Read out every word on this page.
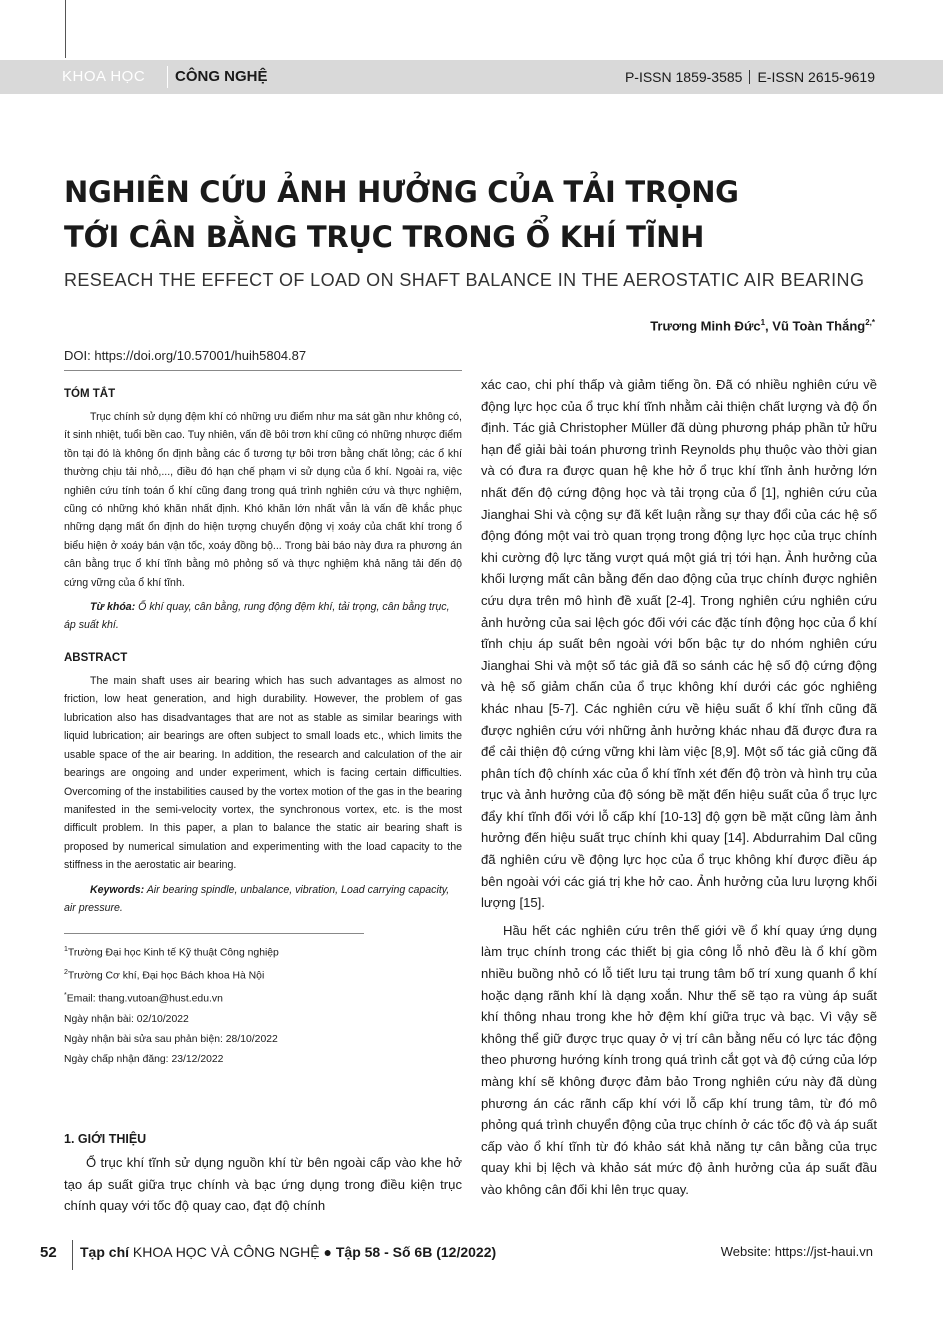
KHOA HỌC CÔNG NGHỆ	P-ISSN 1859-3585 E-ISSN 2615-9619
NGHIÊN CỨU ẢNH HƯỞNG CỦA TẢI TRỌNG
TỚI CÂN BẰNG TRỤC TRONG Ổ KHÍ TĨNH
RESEACH THE EFFECT OF LOAD ON SHAFT BALANCE IN THE AEROSTATIC AIR BEARING
Trương Minh Đức$^1$, Vũ Toàn Thắng$^{2,*}$
DOI: https://doi.org/10.57001/huih5804.87
TÓM TẮT

Trục chính sử dụng đệm khí có những ưu điểm như ma sát gần như không có, ít sinh nhiệt, tuổi bền cao. Tuy nhiên, vấn đề bôi trơn khí cũng có những nhược điểm tồn tại đó là không ổn định bằng các ổ tương tự bôi trơn bằng chất lỏng; các ổ khí thường chịu tải nhỏ,..., điều đó hạn chế phạm vi sử dụng của ổ khí. Ngoài ra, việc nghiên cứu tính toán ổ khí cũng đang trong quá trình nghiên cứu và thực nghiệm, cũng có những khó khăn nhất định. Khó khăn lớn nhất vẫn là vấn đề khắc phục những dạng mất ổn định do hiện tượng chuyển động vị xoáy của chất khí trong ổ biểu hiện ở xoáy bán vận tốc, xoáy đồng bộ... Trong bài báo này đưa ra phương án cân bằng trục ổ khí tĩnh bằng mô phỏng số và thực nghiệm khả năng tải đến độ cứng vững của ổ khí tĩnh.

Từ khóa: Ổ khí quay, cân bằng, rung động đệm khí, tải trọng, cân bằng trục, áp suất khí.

ABSTRACT

The main shaft uses air bearing which has such advantages as almost no friction, low heat generation, and high durability. However, the problem of gas lubrication also has disadvantages that are not as stable as similar bearings with liquid lubrication; air bearings are often subject to small loads etc., which limits the usable space of the air bearing. In addition, the research and calculation of the air bearings are ongoing and under experiment, which is facing certain difficulties. Overcoming of the instabilities caused by the vortex motion of the gas in the bearing manifested in the semi-velocity vortex, the synchronous vortex, etc. is the most difficult problem. In this paper, a plan to balance the static air bearing shaft is proposed by numerical simulation and experimenting with the load capacity to the stiffness in the aerostatic air bearing.

Keywords: Air bearing spindle, unbalance, vibration, Load carrying capacity, air pressure.

$^1$Trường Đại học Kinh tế Kỹ thuật Công nghiệp

$^2$Trường Cơ khí, Đại học Bách khoa Hà Nội

*Email: thang.vutoan@hust.edu.vn

Ngày nhận bài: 02/10/2022

Ngày nhận bài sửa sau phản biện: 28/10/2022

Ngày chấp nhận đăng: 23/12/2022

1. GIỚI THIỆU

Ổ trục khí tĩnh sử dụng nguồn khí từ bên ngoài cấp vào khe hở tạo áp suất giữa trục chính và bạc ứng dụng trong điều kiện trục chính quay với tốc độ quay cao, đạt độ chính

xác cao, chi phí thấp và giảm tiếng ồn. Đã có nhiều nghiên cứu về động lực học của ổ trục khí tĩnh nhằm cải thiện chất lượng và độ ổn định. Tác giả Christopher Müller đã dùng phương pháp phần tử hữu hạn để giải bài toán phương trình Reynolds phụ thuộc vào thời gian và có đưa ra được quan hệ khe hở ổ trục khí tĩnh ảnh hưởng lớn nhất đến độ cứng động học và tải trọng của ổ [1], nghiên cứu của Jianghai Shi và cộng sự đã kết luận rằng sự thay đổi của các hệ số động đóng một vai trò quan trọng trong động lực học của trục chính khi cường độ lực tăng vượt quá một giá trị tới hạn. Ảnh hưởng của khối lượng mất cân bằng đến dao động của trục chính được nghiên cứu dựa trên mô hình đề xuất [2-4]. Trong nghiên cứu nghiên cứu ảnh hưởng của sai lệch góc đối với các đặc tính động học của ổ khí tĩnh chịu áp suất bên ngoài với bốn bậc tự do nhóm nghiên cứu Jianghai Shi và một số tác giả đã so sánh các hệ số độ cứng động và hệ số giảm chấn của ổ trục không khí dưới các góc nghiêng khác nhau [5-7]. Các nghiên cứu về hiệu suất ổ khí tĩnh cũng đã được nghiên cứu với những ảnh hưởng khác nhau đã được đưa ra để cải thiện độ cứng vững khi làm việc [8,9]. Một số tác giả cũng đã phân tích độ chính xác của ổ khí tĩnh xét đến độ tròn và hình trụ của trục và ảnh hưởng của độ sóng bề mặt đến hiệu suất của ổ trục lực đẩy khí tĩnh đối với lỗ cấp khí [10-13] độ gợn bề mặt cũng làm ảnh hưởng đến hiệu suất trục chính khi quay [14]. Abdurrahim Dal cũng đã nghiên cứu về động lực học của ổ trục không khí được điều áp bên ngoài với các giá trị khe hở cao. Ảnh hưởng của lưu lượng khối lượng [15].

Hầu hết các nghiên cứu trên thế giới về ổ khí quay ứng dụng làm trục chính trong các thiết bị gia công lỗ nhỏ đều là ổ khí gồm nhiều buồng nhỏ có lỗ tiết lưu tại trung tâm bố trí xung quanh ổ khí hoặc dạng rãnh khí là dạng xoắn. Như thế sẽ tạo ra vùng áp suất khí thông nhau trong khe hở đệm khí giữa trục và bạc. Vì vậy sẽ không thể giữ được trục quay ở vị trí cân bằng nếu có lực tác động theo phương hướng kính trong quá trình cắt gọt và độ cứng của lớp màng khí sẽ không được đảm bảo Trong nghiên cứu này đã dùng phương án các rãnh cấp khí với lỗ cấp khí trung tâm, từ đó mô phỏng quá trình chuyển động của trục chính ở các tốc độ và áp suất cấp vào ổ khí tĩnh từ đó khảo sát khả năng tự cân bằng của trục quay khi bị lệch và khảo sát mức độ ảnh hưởng của áp suất đầu vào không cân đối khi lên trục quay.

52 Tạp chí KHOA HỌC VÀ CÔNG NGHỆ ● Tập 58 - Số 6B (12/2022)	Website: https://jst-haui.vn
